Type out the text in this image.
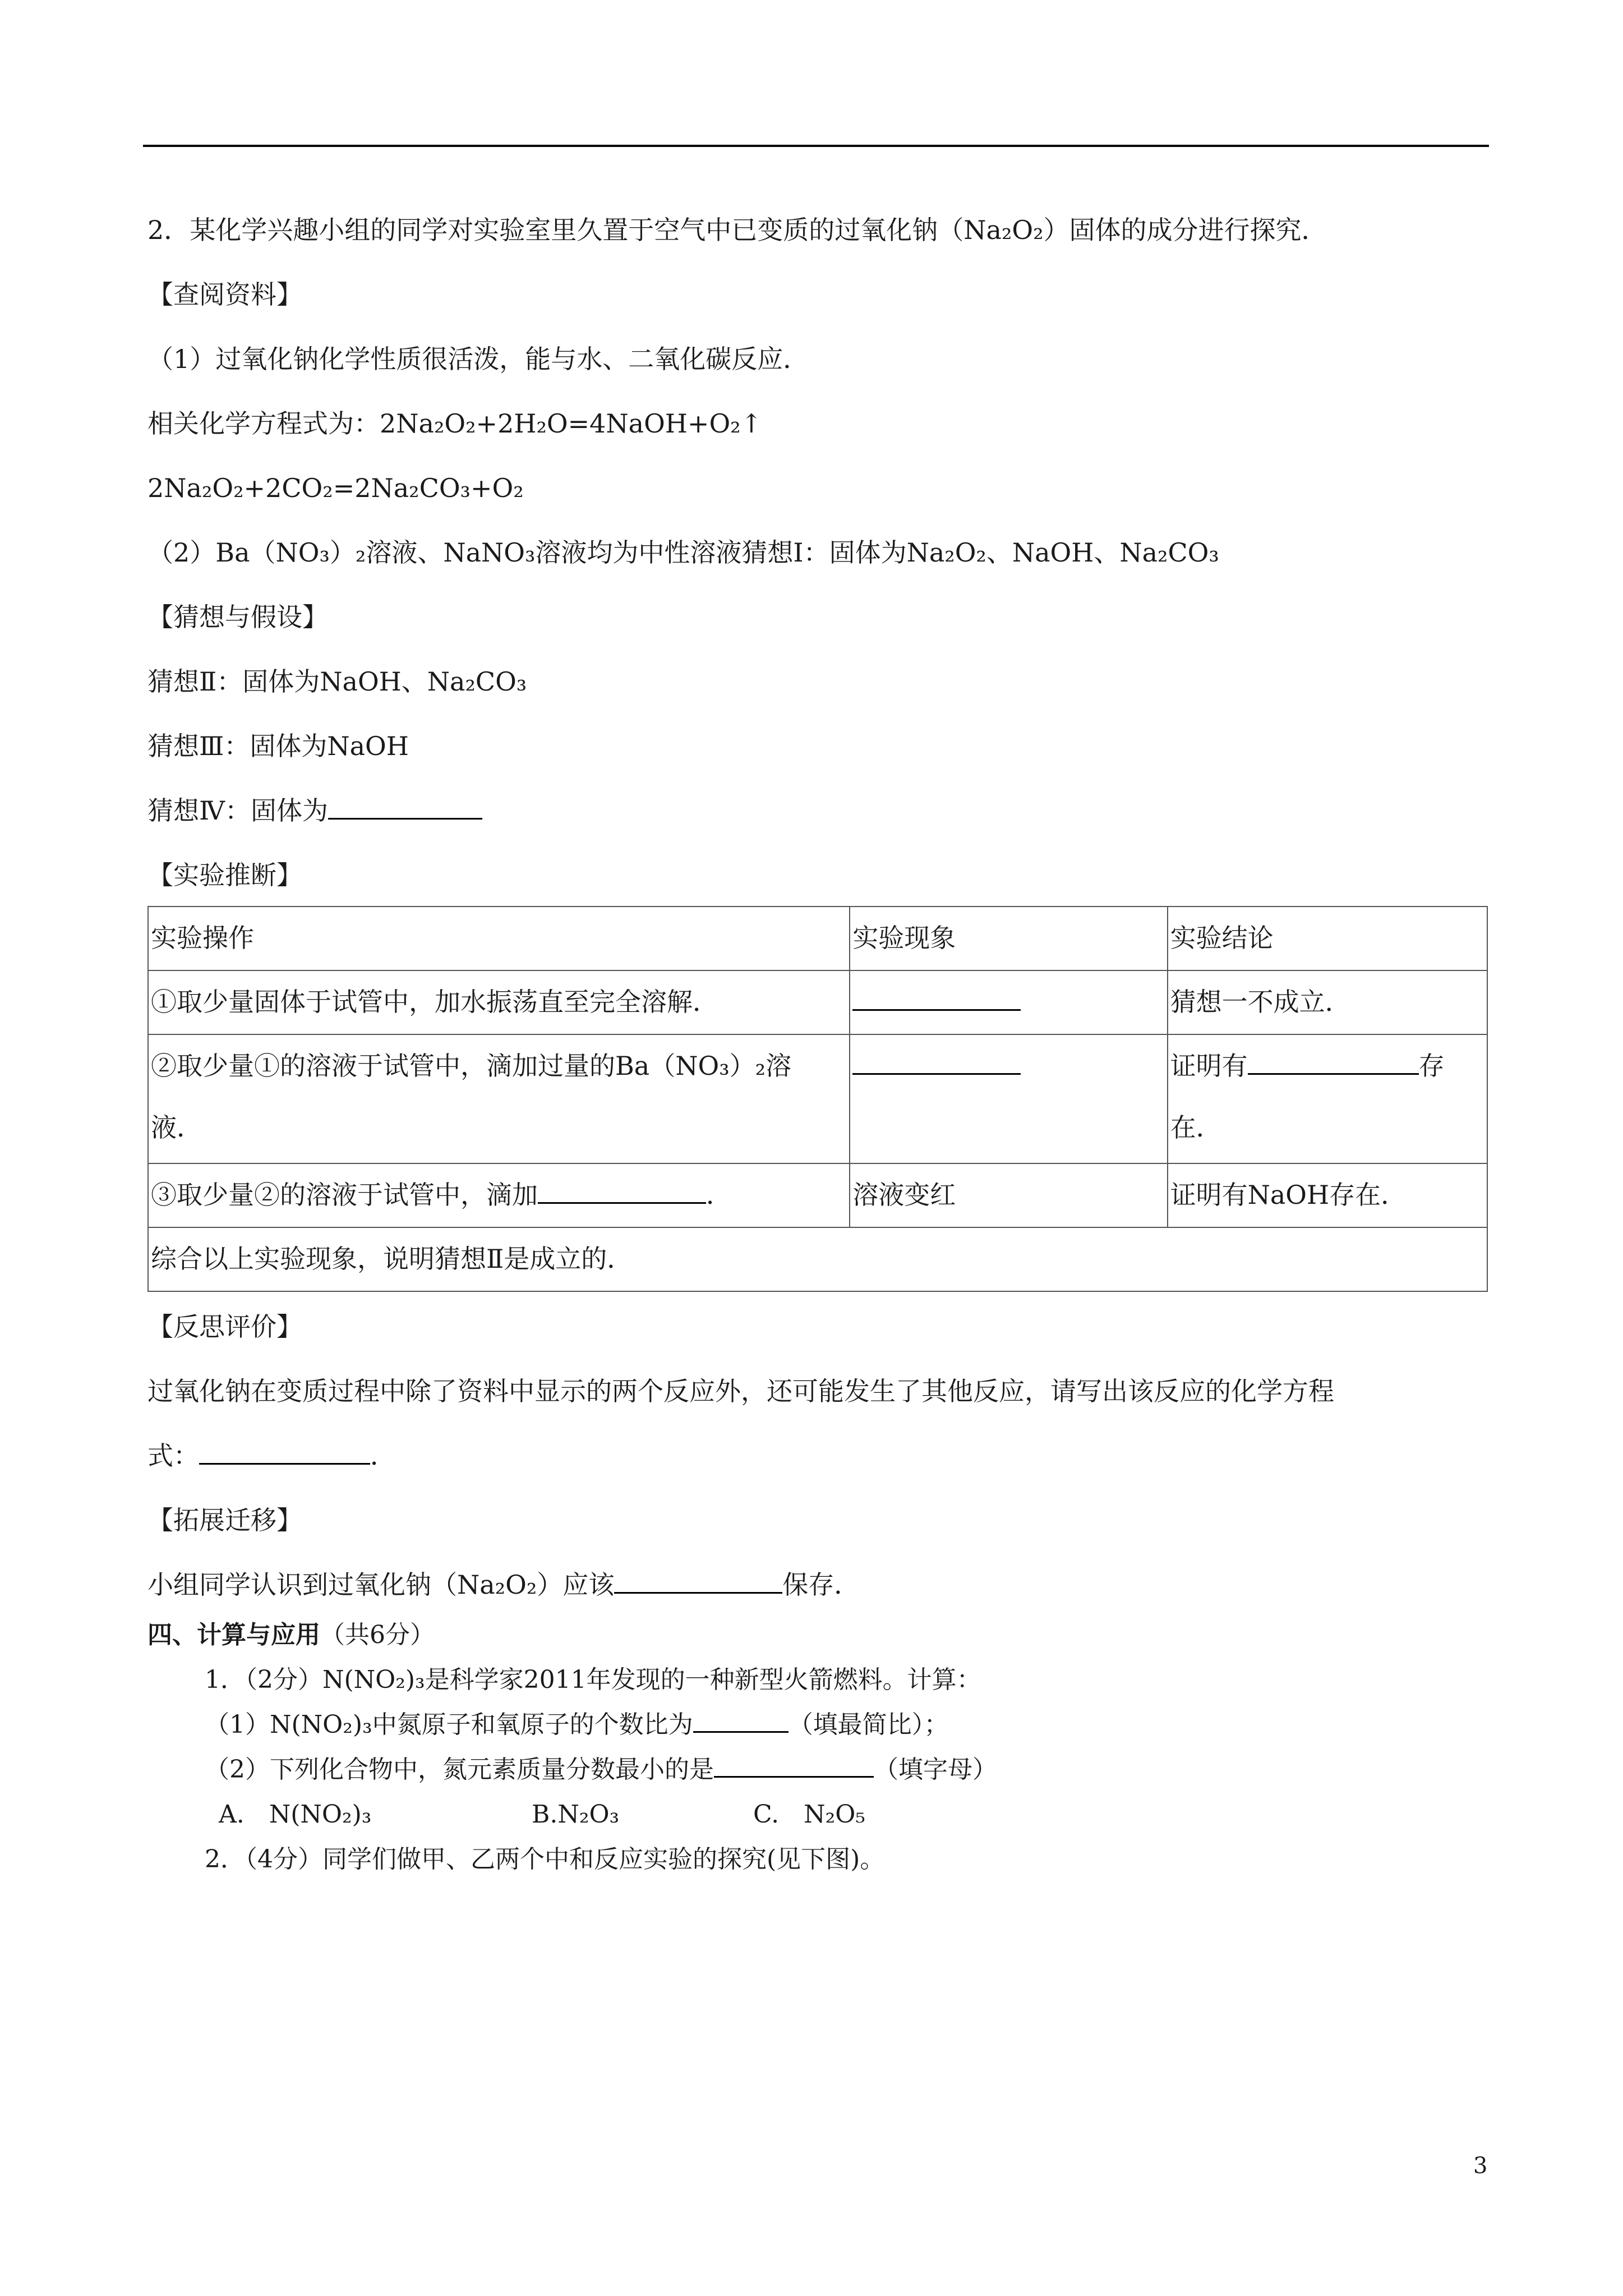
2．某化学兴趣小组的同学对实验室里久置于空气中已变质的过氧化钠（Na₂O₂）固体的成分进行探究．
【查阅资料】
（1）过氧化钠化学性质很活泼，能与水、二氧化碳反应．
相关化学方程式为：2Na₂O₂+2H₂O=4NaOH+O₂↑
2Na₂O₂+2CO₂=2Na₂CO₃+O₂
（2）Ba（NO₃）₂溶液、NaNO₃溶液均为中性溶液猜想Ⅰ：固体为Na₂O₂、NaOH、Na₂CO₃
【猜想与假设】
猜想Ⅱ：固体为NaOH、Na₂CO₃
猜想Ⅲ：固体为NaOH
猜想Ⅳ：固体为
【实验推断】
实验操作	实验现象	实验结论
①取少量固体于试管中，加水振荡直至完全溶解．		猜想一不成立．
②取少量①的溶液于试管中，滴加过量的Ba（NO₃）₂溶
液．		证明有 存
在．
③取少量②的溶液于试管中，滴加 ．	溶液变红	证明有NaOH存在．
综合以上实验现象，说明猜想Ⅱ是成立的．		
【反思评价】
过氧化钠在变质过程中除了资料中显示的两个反应外，还可能发生了其他反应，请写出该反应的化学方程
式：	．
【拓展迁移】
小组同学认识到过氧化钠（Na₂O₂）应该	保存．
四、计算与应用（共6分）
1．（2分）N(NO₂)₃是科学家2011年发现的一种新型火箭燃料。计算：
（1）N(NO₂)₃中氮原子和氧原子的个数比为	（填最简比）；
（2）下列化合物中，氮元素质量分数最小的是	（填字母）
A.　N(NO₂)₃	B.N₂O₃	C.　N₂O₅
2．（4分）同学们做甲、乙两个中和反应实验的探究(见下图)。
3
